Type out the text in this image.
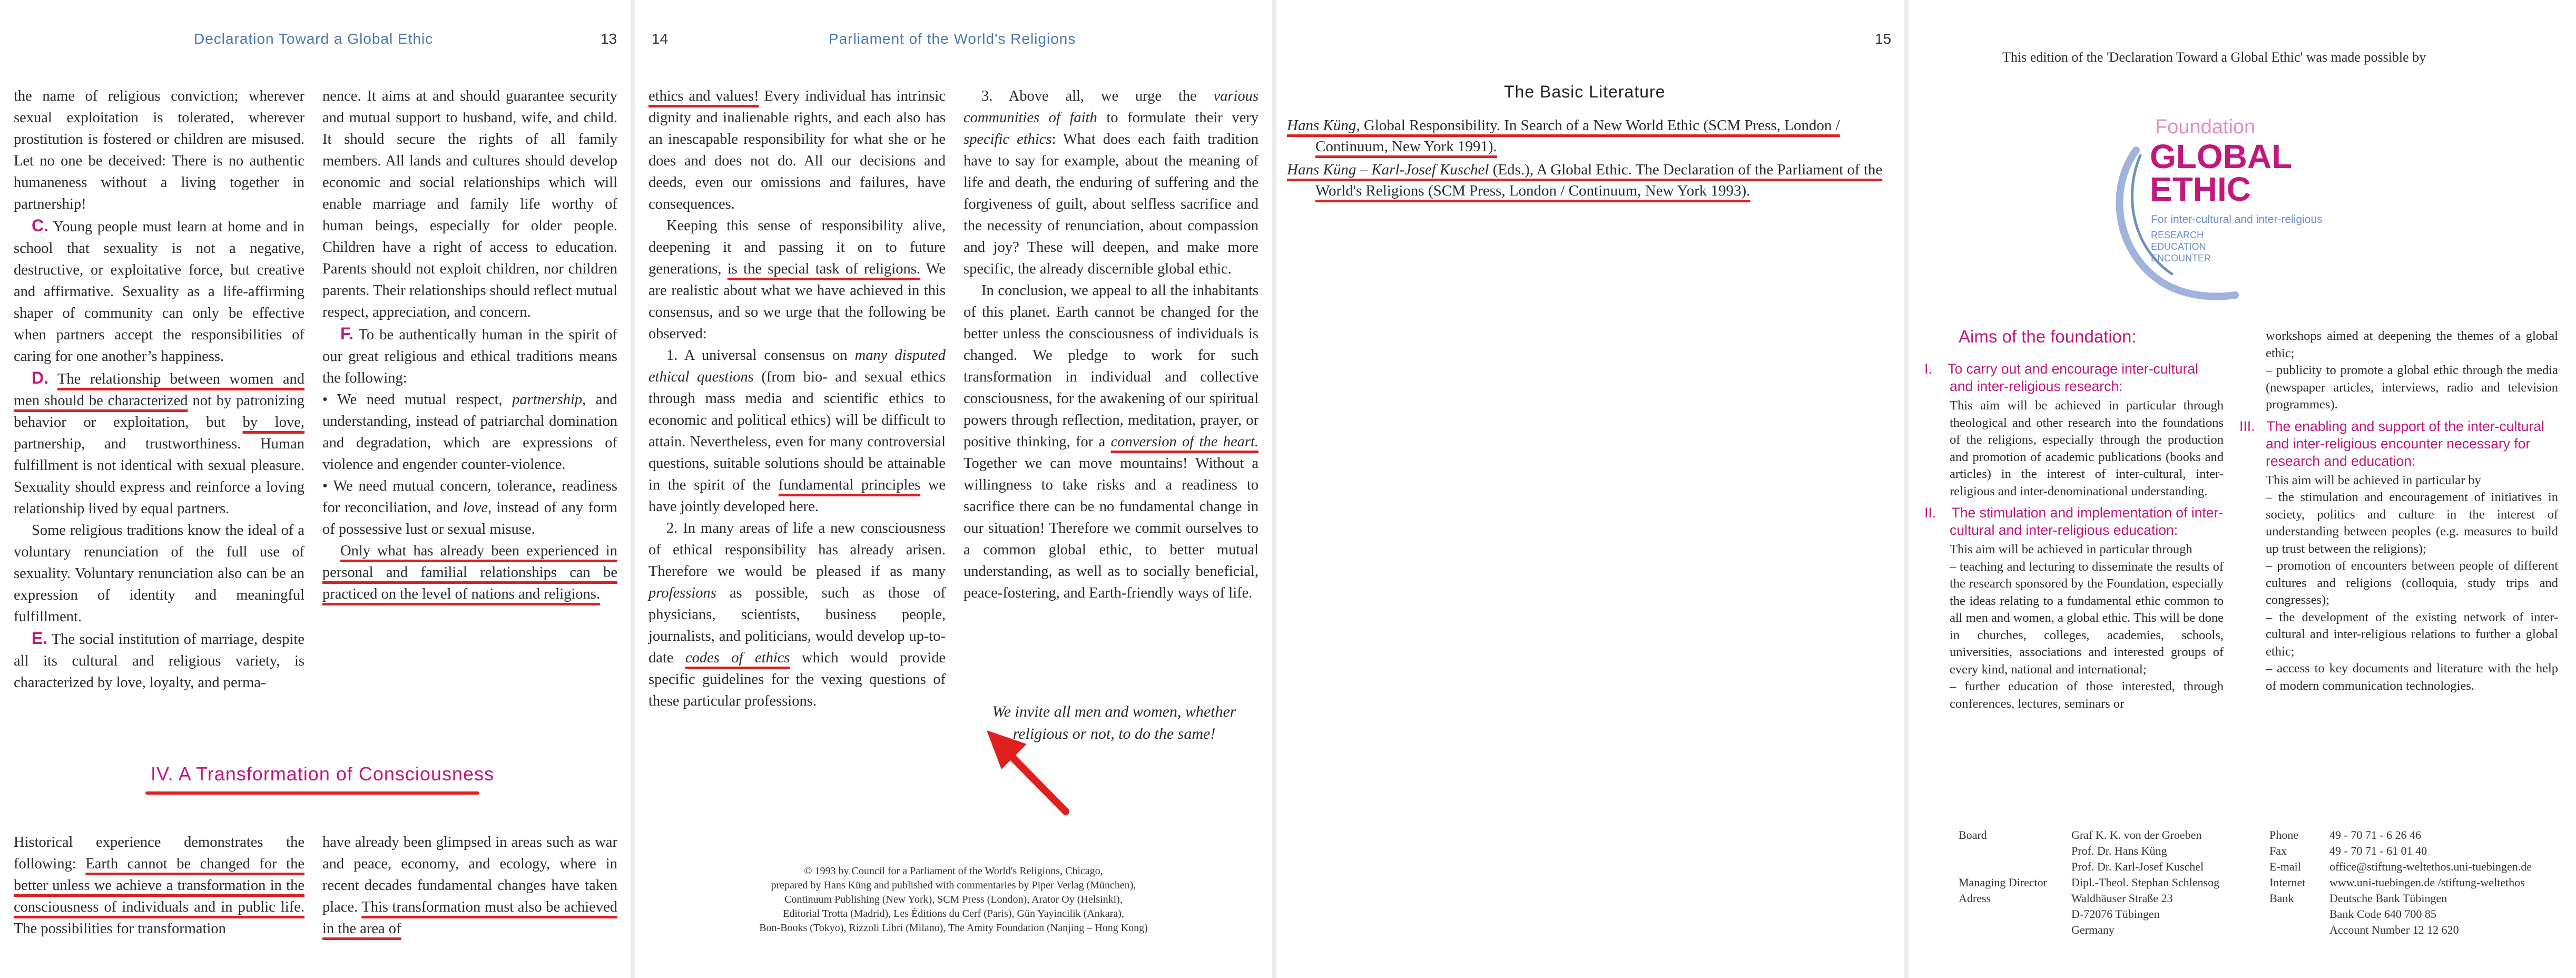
Declaration Toward a Global Ethic	13

the name of religious conviction; wherever sexual exploitation is tolerated, wherever prostitution is fostered or children are misused. Let no one be deceived: There is no authentic humaneness without a living together in partnership!

C. Young people must learn at home and in school that sexuality is not a negative, destructive, or exploitative force, but creative and affirmative. Sexuality as a life-affirming shaper of community can only be effective when partners accept the responsibilities of caring for one another’s happiness.

D. The relationship between women and men should be characterized not by patronizing behavior or exploitation, but by love, partnership, and trustworthiness. Human fulfillment is not identical with sexual pleasure. Sexuality should express and reinforce a loving relationship lived by equal partners.

Some religious traditions know the ideal of a voluntary renunciation of the full use of sexuality. Voluntary renunciation also can be an expression of identity and meaningful fulfillment.

E. The social institution of marriage, despite all its cultural and religious variety, is characterized by love, loyalty, and perma-

nence. It aims at and should guarantee security and mutual support to husband, wife, and child. It should secure the rights of all family members. All lands and cultures should develop economic and social relationships which will enable marriage and family life worthy of human beings, especially for older people. Children have a right of access to education. Parents should not exploit children, nor children parents. Their relationships should reflect mutual respect, appreciation, and concern.

F. To be authentically human in the spirit of our great religious and ethical traditions means the following:

• We need mutual respect, partnership, and understanding, instead of patriarchal domination and degradation, which are expressions of violence and engender counter-violence.

• We need mutual concern, tolerance, readiness for reconciliation, and love, instead of any form of possessive lust or sexual misuse.

Only what has already been experienced in personal and familial relationships can be practiced on the level of nations and religions.

IV. A Transformation of Consciousness

Historical experience demonstrates the following: Earth cannot be changed for the better unless we achieve a transformation in the consciousness of individuals and in public life. The possibilities for transformation

have already been glimpsed in areas such as war and peace, economy, and ecology, where in recent decades fundamental changes have taken place. This transformation must also be achieved in the area of

14	Parliament of the World's Religions

ethics and values! Every individual has intrinsic dignity and inalienable rights, and each also has an inescapable responsibility for what she or he does and does not do. All our decisions and deeds, even our omissions and failures, have consequences.

Keeping this sense of responsibility alive, deepening it and passing it on to future generations, is the special task of religions. We are realistic about what we have achieved in this consensus, and so we urge that the following be observed:

1. A universal consensus on many disputed ethical questions (from bio- and sexual ethics through mass media and scientific ethics to economic and political ethics) will be difficult to attain. Nevertheless, even for many controversial questions, suitable solutions should be attainable in the spirit of the fundamental principles we have jointly developed here.

2. In many areas of life a new consciousness of ethical responsibility has already arisen. Therefore we would be pleased if as many professions as possible, such as those of physicians, scientists, business people, journalists, and politicians, would develop up-to-date codes of ethics which would provide specific guidelines for the vexing questions of these particular professions.

3. Above all, we urge the various communities of faith to formulate their very specific ethics: What does each faith tradition have to say for example, about the meaning of life and death, the enduring of suffering and the forgiveness of guilt, about selfless sacrifice and the necessity of renunciation, about compassion and joy? These will deepen, and make more specific, the already discernible global ethic.

In conclusion, we appeal to all the inhabitants of this planet. Earth cannot be changed for the better unless the consciousness of individuals is changed. We pledge to work for such transformation in individual and collective consciousness, for the awakening of our spiritual powers through reflection, meditation, prayer, or positive thinking, for a conversion of the heart. Together we can move mountains! Without a willingness to take risks and a readiness to sacrifice there can be no fundamental change in our situation! Therefore we commit ourselves to a common global ethic, to better mutual understanding, as well as to socially beneficial, peace-fostering, and Earth-friendly ways of life.

We invite all men and women, whether religious or not, to do the same!
© 1993 by Council for a Parliament of the World's Religions, Chicago,
prepared by Hans Küng and published with commentaries by Piper Verlag (München),
Continuum Publishing (New York), SCM Press (London), Arator Oy (Helsinki),
Editorial Trotta (Madrid), Les Éditions du Cerf (Paris), Gün Yayincilik (Ankara),
Bon-Books (Tokyo), Rizzoli Libri (Milano), The Amity Foundation (Nanjing – Hong Kong)
15
The Basic Literature

Hans Küng, Global Responsibility. In Search of a New World Ethic (SCM Press, London / Continuum, New York 1991).

Hans Küng – Karl-Josef Kuschel (Eds.), A Global Ethic. The Declaration of the Parliament of the World's Religions (SCM Press, London / Continuum, New York 1993).

This edition of the 'Declaration Toward a Global Ethic' was made possible by
Foundation
GLOBAL
ETHIC
For inter-cultural and inter-religious
RESEARCH
EDUCATION
ENCOUNTER
Aims of the foundation:

I. To carry out and encourage inter-cultural and inter-religious research:

This aim will be achieved in particular through theological and other research into the foundations of the religions, especially through the production and promotion of academic publications (books and articles) in the interest of inter-cultural, inter-religious and inter-denominational understanding.

II. The stimulation and implementation of inter-cultural and inter-religious education:

This aim will be achieved in particular through

– teaching and lecturing to disseminate the results of the research sponsored by the Foundation, especially the ideas relating to a fundamental ethic common to all men and women, a global ethic. This will be done in churches, colleges, academies, schools, universities, associations and interested groups of every kind, national and international;

– further education of those interested, through conferences, lectures, seminars or

workshops aimed at deepening the themes of a global ethic;

– publicity to promote a global ethic through the media (newspaper articles, interviews, radio and television programmes).

III. The enabling and support of the inter-cultural and inter-religious encounter necessary for research and education:

This aim will be achieved in particular by

– the stimulation and encouragement of initiatives in society, politics and culture in the interest of understanding between peoples (e.g. measures to build up trust between the religions);

– promotion of encounters between people of different cultures and religions (colloquia, study trips and congresses);

– the development of the existing network of inter-cultural and inter-religious relations to further a global ethic;

– access to key documents and literature with the help of modern communication technologies.

Board	Graf K. K. von der Groeben
	Prof. Dr. Hans Küng
	Prof. Dr. Karl-Josef Kuschel
Managing Director	Dipl.-Theol. Stephan Schlensog
Adress	Waldhäuser Straße 23
	D-72076 Tübingen
	Germany
Phone	49 - 70 71 - 6 26 46
Fax	49 - 70 71 - 61 01 40
E-mail	office@stiftung-weltethos.uni-tuebingen.de
Internet	www.uni-tuebingen.de /stiftung-weltethos
Bank	Deutsche Bank Tübingen
	Bank Code 640 700 85
	Account Number 12 12 620
